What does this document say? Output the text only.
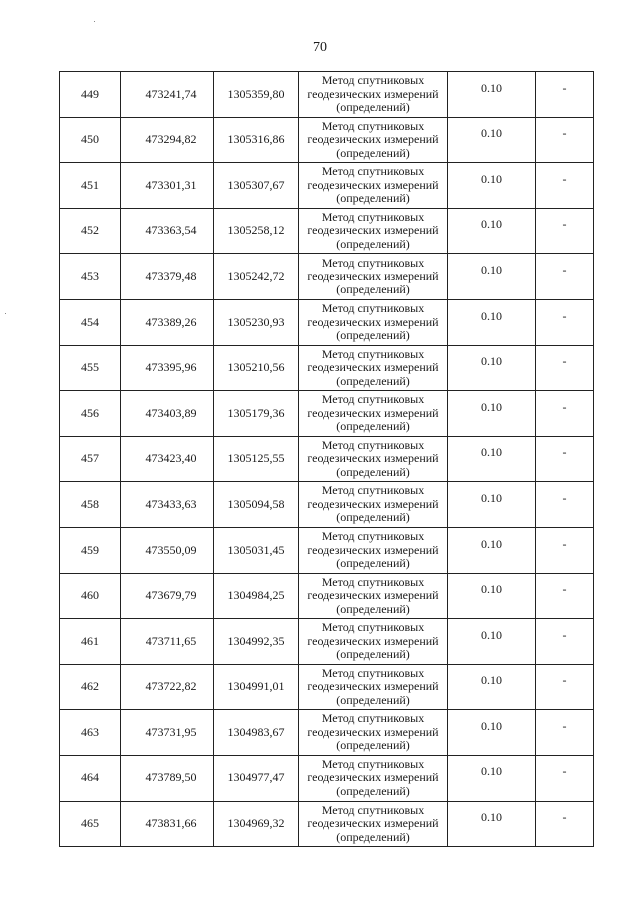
70
449	473241,74	1305359,80	Метод спутниковых
геодезических измерений
(определений)	0.10	-
450	473294,82	1305316,86	Метод спутниковых
геодезических измерений
(определений)	0.10	-
451	473301,31	1305307,67	Метод спутниковых
геодезических измерений
(определений)	0.10	-
452	473363,54	1305258,12	Метод спутниковых
геодезических измерений
(определений)	0.10	-
453	473379,48	1305242,72	Метод спутниковых
геодезических измерений
(определений)	0.10	-
454	473389,26	1305230,93	Метод спутниковых
геодезических измерений
(определений)	0.10	-
455	473395,96	1305210,56	Метод спутниковых
геодезических измерений
(определений)	0.10	-
456	473403,89	1305179,36	Метод спутниковых
геодезических измерений
(определений)	0.10	-
457	473423,40	1305125,55	Метод спутниковых
геодезических измерений
(определений)	0.10	-
458	473433,63	1305094,58	Метод спутниковых
геодезических измерений
(определений)	0.10	-
459	473550,09	1305031,45	Метод спутниковых
геодезических измерений
(определений)	0.10	-
460	473679,79	1304984,25	Метод спутниковых
геодезических измерений
(определений)	0.10	-
461	473711,65	1304992,35	Метод спутниковых
геодезических измерений
(определений)	0.10	-
462	473722,82	1304991,01	Метод спутниковых
геодезических измерений
(определений)	0.10	-
463	473731,95	1304983,67	Метод спутниковых
геодезических измерений
(определений)	0.10	-
464	473789,50	1304977,47	Метод спутниковых
геодезических измерений
(определений)	0.10	-
465	473831,66	1304969,32	Метод спутниковых
геодезических измерений
(определений)	0.10	-
